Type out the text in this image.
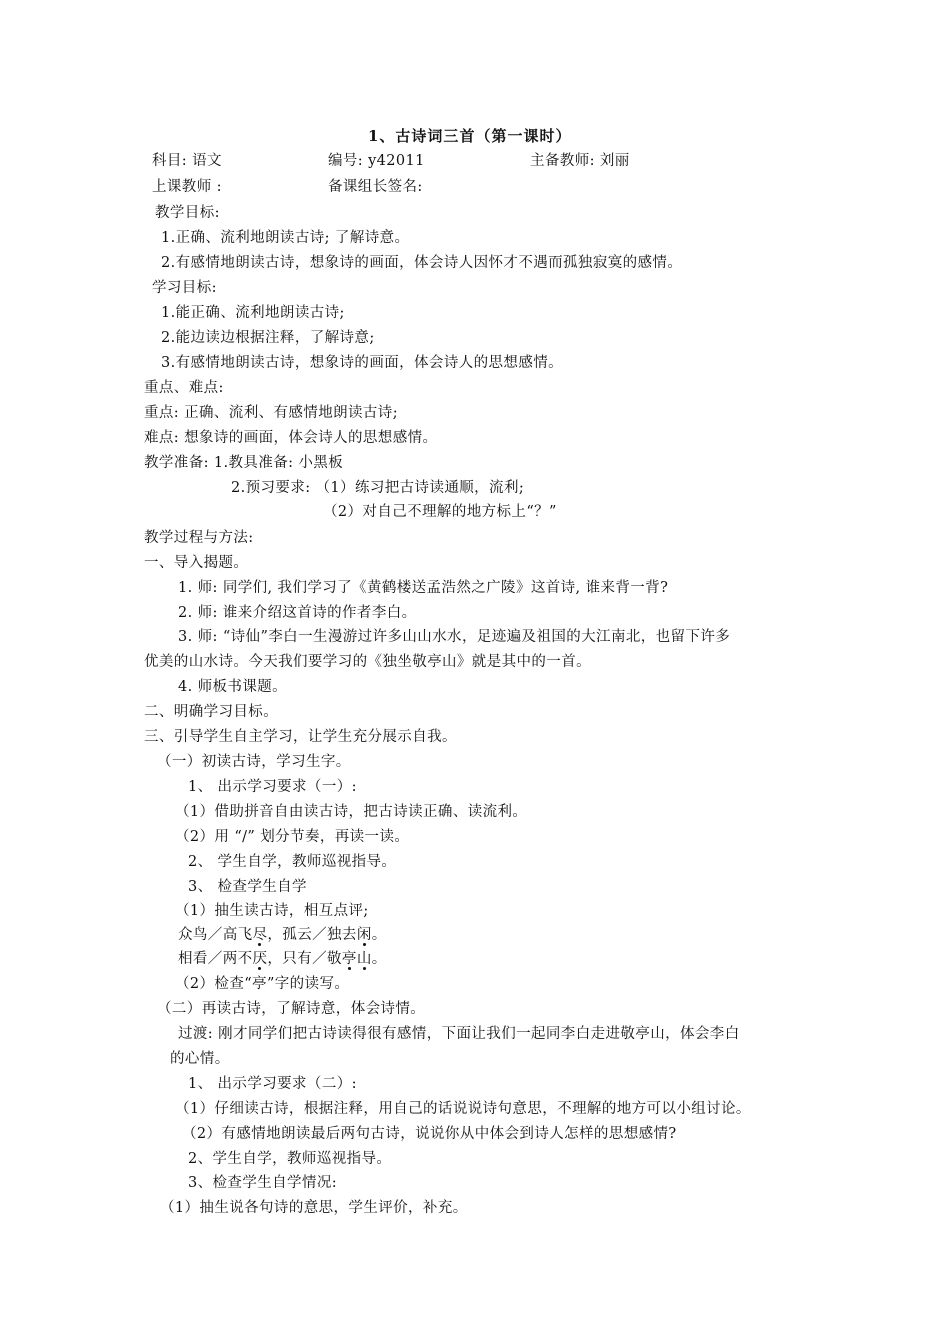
1、古诗词三首（第一课时）
科目: 语文	编号: y42011	主备教师: 刘丽
上课教师 :	备课组长签名:
教学目标:
1.正确、流利地朗读古诗; 了解诗意。
2.有感情地朗读古诗，想象诗的画面，体会诗人因怀才不遇而孤独寂寞的感情。
学习目标:
1.能正确、流利地朗读古诗;
2.能边读边根据注释，了解诗意;
3.有感情地朗读古诗，想象诗的画面，体会诗人的思想感情。
重点、难点:
重点: 正确、流利、有感情地朗读古诗;
难点: 想象诗的画面，体会诗人的思想感情。
教学准备: 1.教具准备: 小黑板
2.预习要求: （1）练习把古诗读通顺，流利;
（2）对自己不理解的地方标上“？”
教学过程与方法:
一、导入揭题。
1. 师: 同学们, 我们学习了《黄鹤楼送孟浩然之广陵》这首诗, 谁来背一背?
2. 师: 谁来介绍这首诗的作者李白。
3. 师: “诗仙”李白一生漫游过许多山山水水，足迹遍及祖国的大江南北，也留下许多
优美的山水诗。今天我们要学习的《独坐敬亭山》就是其中的一首。
4. 师板书课题。
二、明确学习目标。
三、引导学生自主学习，让学生充分展示自我。
（一）初读古诗，学习生字。
1、 出示学习要求（一）:
（1）借助拼音自由读古诗，把古诗读正确、读流利。
（2）用 “/” 划分节奏，再读一读。
2、 学生自学，教师巡视指导。
3、 检查学生自学
（1）抽生读古诗，相互点评;
众鸟／高飞尽，孤云／独去闲。
相看／两不厌，只有／敬亭山。
（2）检查“亭”字的读写。
（二）再读古诗，了解诗意，体会诗情。
过渡: 刚才同学们把古诗读得很有感情，下面让我们一起同李白走进敬亭山，体会李白
的心情。
1、 出示学习要求（二）:
（1）仔细读古诗，根据注释，用自己的话说说诗句意思，不理解的地方可以小组讨论。
（2）有感情地朗读最后两句古诗，说说你从中体会到诗人怎样的思想感情?
2、学生自学，教师巡视指导。
3、检查学生自学情况:
（1）抽生说各句诗的意思，学生评价，补充。
